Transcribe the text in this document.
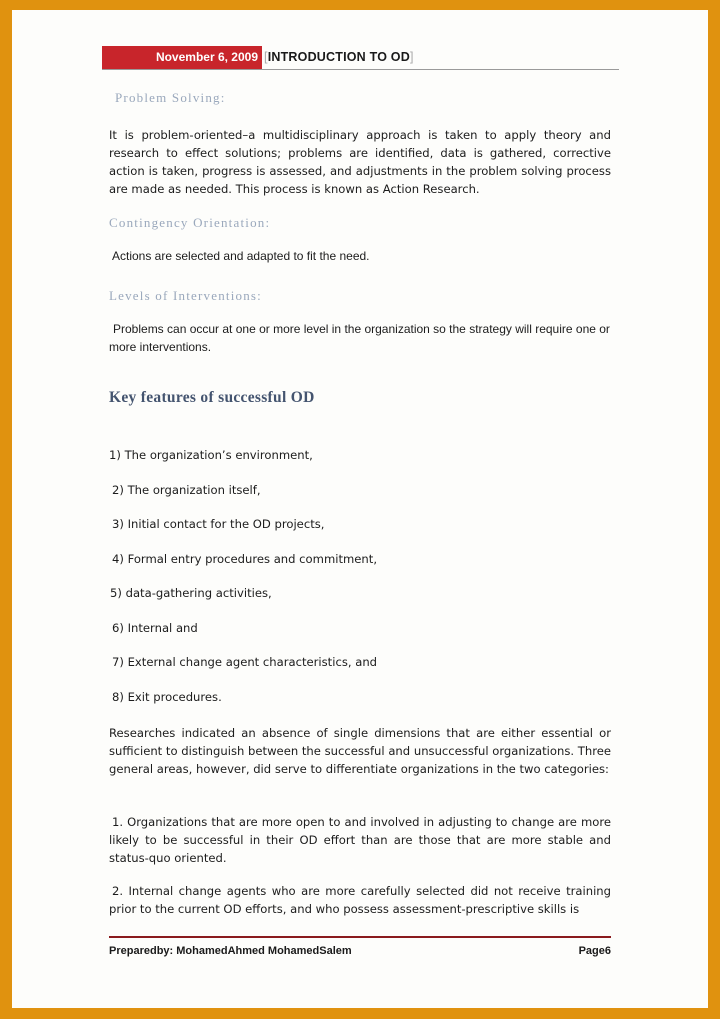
November 6, 2009 [INTRODUCTION TO OD]
Problem Solving:
It is problem-oriented–a multidisciplinary approach is taken to apply theory and research to effect solutions; problems are identified, data is gathered, corrective action is taken, progress is assessed, and adjustments in the problem solving process are made as needed. This process is known as Action Research.
Contingency Orientation:
Actions are selected and adapted to fit the need.
Levels of Interventions:
Problems can occur at one or more level in the organization so the strategy will require one or more interventions.
Key features of successful OD
1) The organization’s environment,
2) The organization itself,
3) Initial contact for the OD projects,
4) Formal entry procedures and commitment,
5) data-gathering activities,
6) Internal and
7) External change agent characteristics, and
8) Exit procedures.
Researches indicated an absence of single dimensions that are either essential or sufficient to distinguish between the successful and unsuccessful organizations. Three general areas, however, did serve to differentiate organizations in the two categories:
1. Organizations that are more open to and involved in adjusting to change are more likely to be successful in their OD effort than are those that are more stable and status-quo oriented.
2. Internal change agents who are more carefully selected did not receive training prior to the current OD efforts, and who possess assessment-prescriptive skills is
Preparedby: MohamedAhmed MohamedSalem	Page6
